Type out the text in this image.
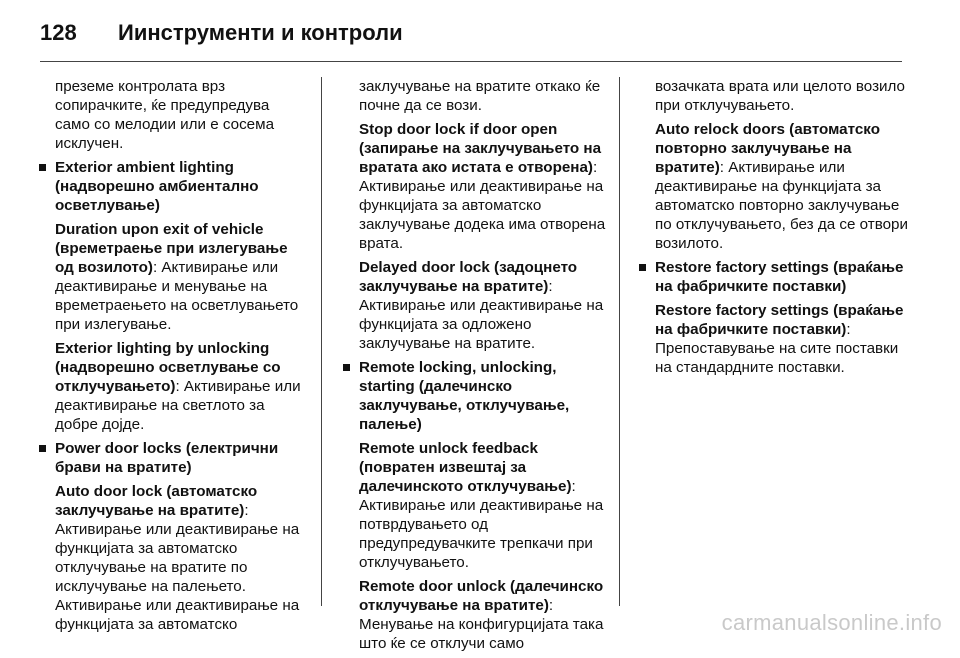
128 Иинструменти и контроли
преземе контролата врз сопирачките, ќе предупредува само со мелодии или е сосема исклучен.
Exterior ambient lighting (надворешно амбиентално осветлување)
Duration upon exit of vehicle (времетраење при излегување од возилото): Активирање или деактивирање и менување на времетраењето на осветлувањето при излегување.
Exterior lighting by unlocking (надворешно осветлување со отклучувањето): Активирање или деактивирање на светлото за добре дојде.
Power door locks (електрични брави на вратите)
Auto door lock (автоматско заклучување на вратите): Активирање или деактивирање на функцијата за автоматско отклучување на вратите по исклучување на палењето. Активирање или деактивирање на функцијата за автоматско
заклучување на вратите откако ќе почне да се вози.
Stop door lock if door open (запирање на заклучувањето на вратата ако истата е отворена): Активирање или деактивирање на функцијата за автоматско заклучување додека има отворена врата.
Delayed door lock (задоцнето заклучување на вратите): Активирање или деактивирање на функцијата за одложено заклучување на вратите.
Remote locking, unlocking, starting (далечинско заклучување, отклучување, палење)
Remote unlock feedback (повратен извештај за далечинското отклучување): Активирање или деактивирање на потврдувањето од предупредувачките трепкачи при отклучувањето.
Remote door unlock (далечинско отклучување на вратите): Менување на конфигурцијата така што ќе се отклучи само
возачката врата или целото возило при отклучувањето.
Auto relock doors (автоматско повторно заклучување на вратите): Активирање или деактивирање на функцијата за автоматско повторно заклучување по отклучувањето, без да се отвори возилото.
Restore factory settings (враќање на фабричките поставки)
Restore factory settings (враќање на фабричките поставки): Препоставување на сите поставки на стандардните поставки.
carmanualsonline.info
